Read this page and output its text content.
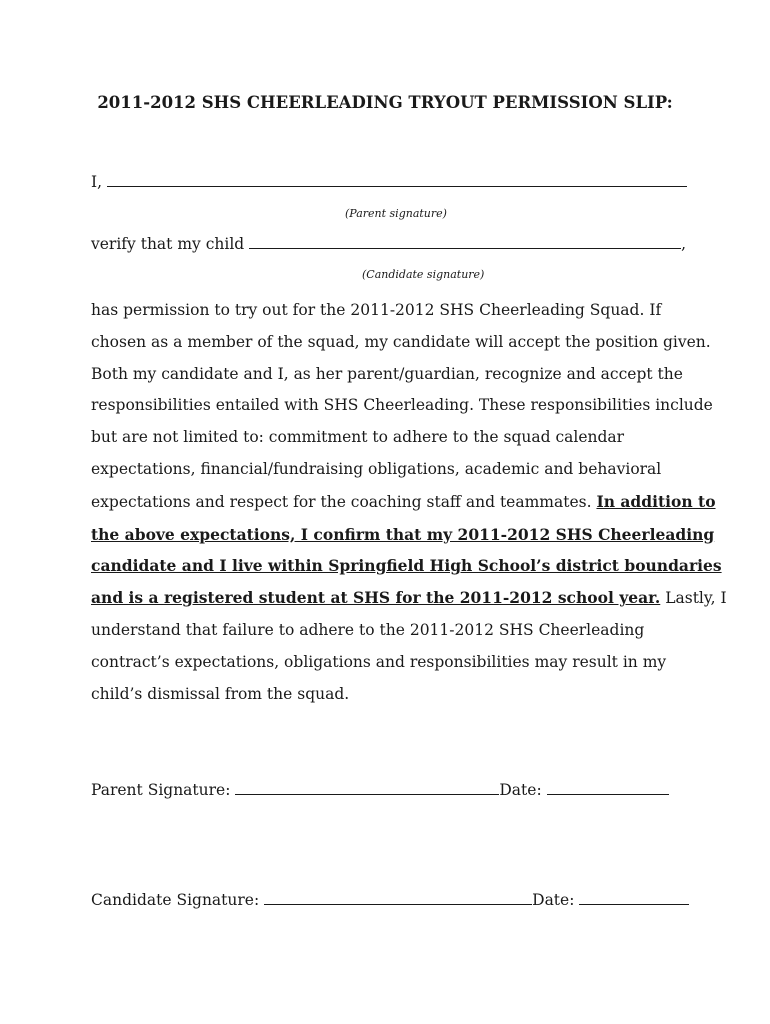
2011-2012 SHS CHEERLEADING TRYOUT PERMISSION SLIP:
I,
(Parent signature)
verify that my child	,
(Candidate signature)
has permission to try out for the 2011-2012 SHS Cheerleading Squad. If
chosen as a member of the squad, my candidate will accept the position given.
Both my candidate and I, as her parent/guardian, recognize and accept the
responsibilities entailed with SHS Cheerleading. These responsibilities include
but are not limited to: commitment to adhere to the squad calendar
expectations, financial/fundraising obligations, academic and behavioral
expectations and respect for the coaching staff and teammates. In addition to
the above expectations, I confirm that my 2011-2012 SHS Cheerleading
candidate and I live within Springfield High School’s district boundaries
and is a registered student at SHS for the 2011-2012 school year. Lastly, I
understand that failure to adhere to the 2011-2012 SHS Cheerleading
contract’s expectations, obligations and responsibilities may result in my
child’s dismissal from the squad.
Parent Signature:	Date:
Candidate Signature:	Date:
